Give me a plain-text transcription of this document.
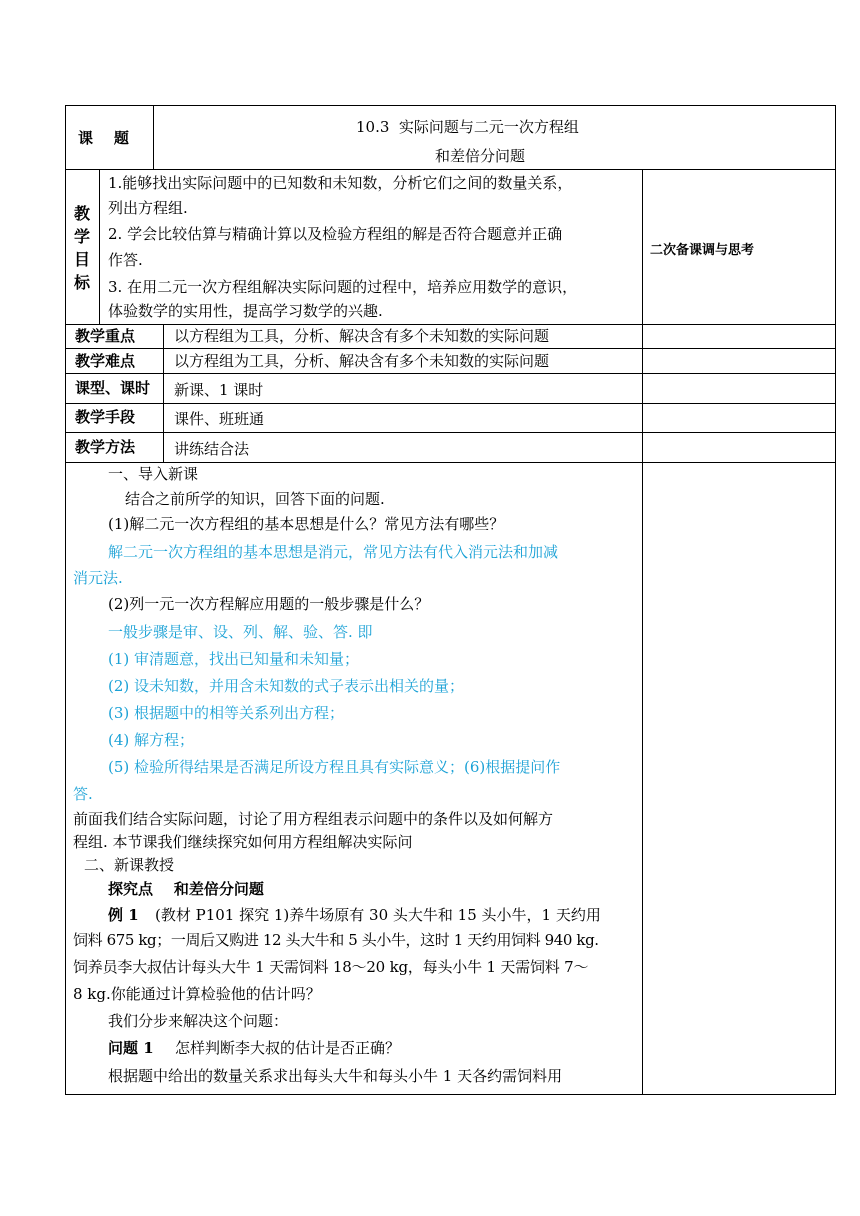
课    题
10.3  实际问题与二元一次方程组
和差倍分问题
教
学
目
标
1.能够找出实际问题中的已知数和未知数，分析它们之间的数量关系，
列出方程组.
2. 学会比较估算与精确计算以及检验方程组的解是否符合题意并正确
作答.
3. 在用二元一次方程组解决实际问题的过程中，培养应用数学的意识，
体验数学的实用性，提高学习数学的兴趣.
二次备课调与思考
教学重点	以方程组为工具，分析、解决含有多个未知数的实际问题
教学难点	以方程组为工具，分析、解决含有多个未知数的实际问题
课型、课时 新课、1 课时
教学手段	课件、班班通
教学方法	讲练结合法
一、导入新课
结合之前所学的知识，回答下面的问题.
(1)解二元一次方程组的基本思想是什么？常见方法有哪些？
解二元一次方程组的基本思想是消元，常见方法有代入消元法和加减
消元法.
(2)列一元一次方程解应用题的一般步骤是什么？
一般步骤是审、设、列、解、验、答. 即
(1) 审清题意，找出已知量和未知量；
(2) 设未知数，并用含未知数的式子表示出相关的量；
(3) 根据题中的相等关系列出方程；
(4) 解方程；
(5) 检验所得结果是否满足所设方程且具有实际意义；(6)根据提问作
答.
前面我们结合实际问题，讨论了用方程组表示问题中的条件以及如何解方
程组. 本节课我们继续探究如何用方程组解决实际问
二、新课教授
探究点    和差倍分问题
例 1 (教材 P101 探究 1)养牛场原有 30 头大牛和 15 头小牛，1 天约用
饲料 675 kg；一周后又购进 12 头大牛和 5 头小牛，这时 1 天约用饲料 940 kg.
饲养员李大叔估计每头大牛 1 天需饲料 18～20 kg，每头小牛 1 天需饲料 7～
8 kg.你能通过计算检验他的估计吗？
我们分步来解决这个问题：
问题 1 怎样判断李大叔的估计是否正确？
根据题中给出的数量关系求出每头大牛和每头小牛 1 天各约需饲料用
